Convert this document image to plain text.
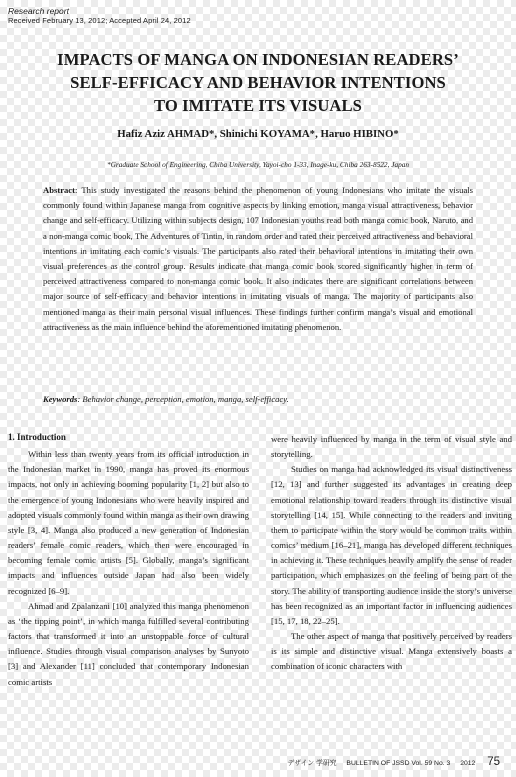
Research report
Received February 13, 2012; Accepted April 24, 2012
IMPACTS OF MANGA ON INDONESIAN READERS’
SELF-EFFICACY AND BEHAVIOR INTENTIONS
TO IMITATE ITS VISUALS
Hafiz Aziz AHMAD*, Shinichi KOYAMA*, Haruo HIBINO*
*Graduate School of Engineering, Chiba University, Yayoi-cho 1-33, Inage-ku, Chiba 263-8522, Japan
Abstract: This study investigated the reasons behind the phenomenon of young Indonesians who imitate the visuals commonly found within Japanese manga from cognitive aspects by linking emotion, manga visual attractiveness, behavior change and self-efficacy. Utilizing within subjects design, 107 Indonesian youths read both manga comic book, Naruto, and a non-manga comic book, The Adventures of Tintin, in random order and rated their perceived attractiveness and behavioral intentions in imitating each comic’s visuals. The participants also rated their behavioral intentions in imitating their own visual preferences as the control group. Results indicate that manga comic book scored significantly higher in term of perceived attractiveness compared to non-manga comic book. It also indicates there are significant correlations between major source of self-efficacy and behavior intentions in imitating visuals of manga. The majority of participants also mentioned manga as their main personal visual influences. These findings further confirm manga’s visual and emotional attractiveness as the main influence behind the aforementioned imitating phenomenon.
Keywords: Behavior change, perception, emotion, manga, self-efficacy.
1. Introduction

Within less than twenty years from its official introduction in the Indonesian market in 1990, manga has proved its enormous impacts, not only in achieving booming popularity [1, 2] but also to the emergence of young Indonesians who were heavily inspired and adopted visuals commonly found within manga as their own drawing style [3, 4]. Manga also produced a new generation of Indonesian readers’ female comic readers, which then were encouraged in becoming female comic artists [5]. Globally, manga’s significant impacts and influences outside Japan had also been widely recognized [6–9].

Ahmad and Zpalanzani [10] analyzed this manga phenomenon as ‘the tipping point’, in which manga fulfilled several contributing factors that transformed it into an unstoppable force of cultural influence. Studies through visual comparison analyses by Sunyoto [3] and Alexander [11] concluded that contemporary Indonesian comic artists

were heavily influenced by manga in the term of visual style and storytelling.

Studies on manga had acknowledged its visual distinctiveness [12, 13] and further suggested its advantages in creating deep emotional relationship toward readers through its distinctive visual storytelling [14, 15]. While connecting to the readers and inviting them to participate within the story would be common traits within comics’ medium [16–21], manga has developed different techniques in achieving it. These techniques heavily amplify the sense of reader participation, which emphasizes on the feeling of being part of the story. The ability of transporting audience inside the story’s universe has been recognized as an important factor in influencing audiences [15, 17, 18, 22–25].

The other aspect of manga that positively perceived by readers is its simple and distinctive visual. Manga extensively boasts a combination of iconic characters with

デザイン 学研究 BULLETIN OF JSSD Vol. 59 No. 3 2012 75
